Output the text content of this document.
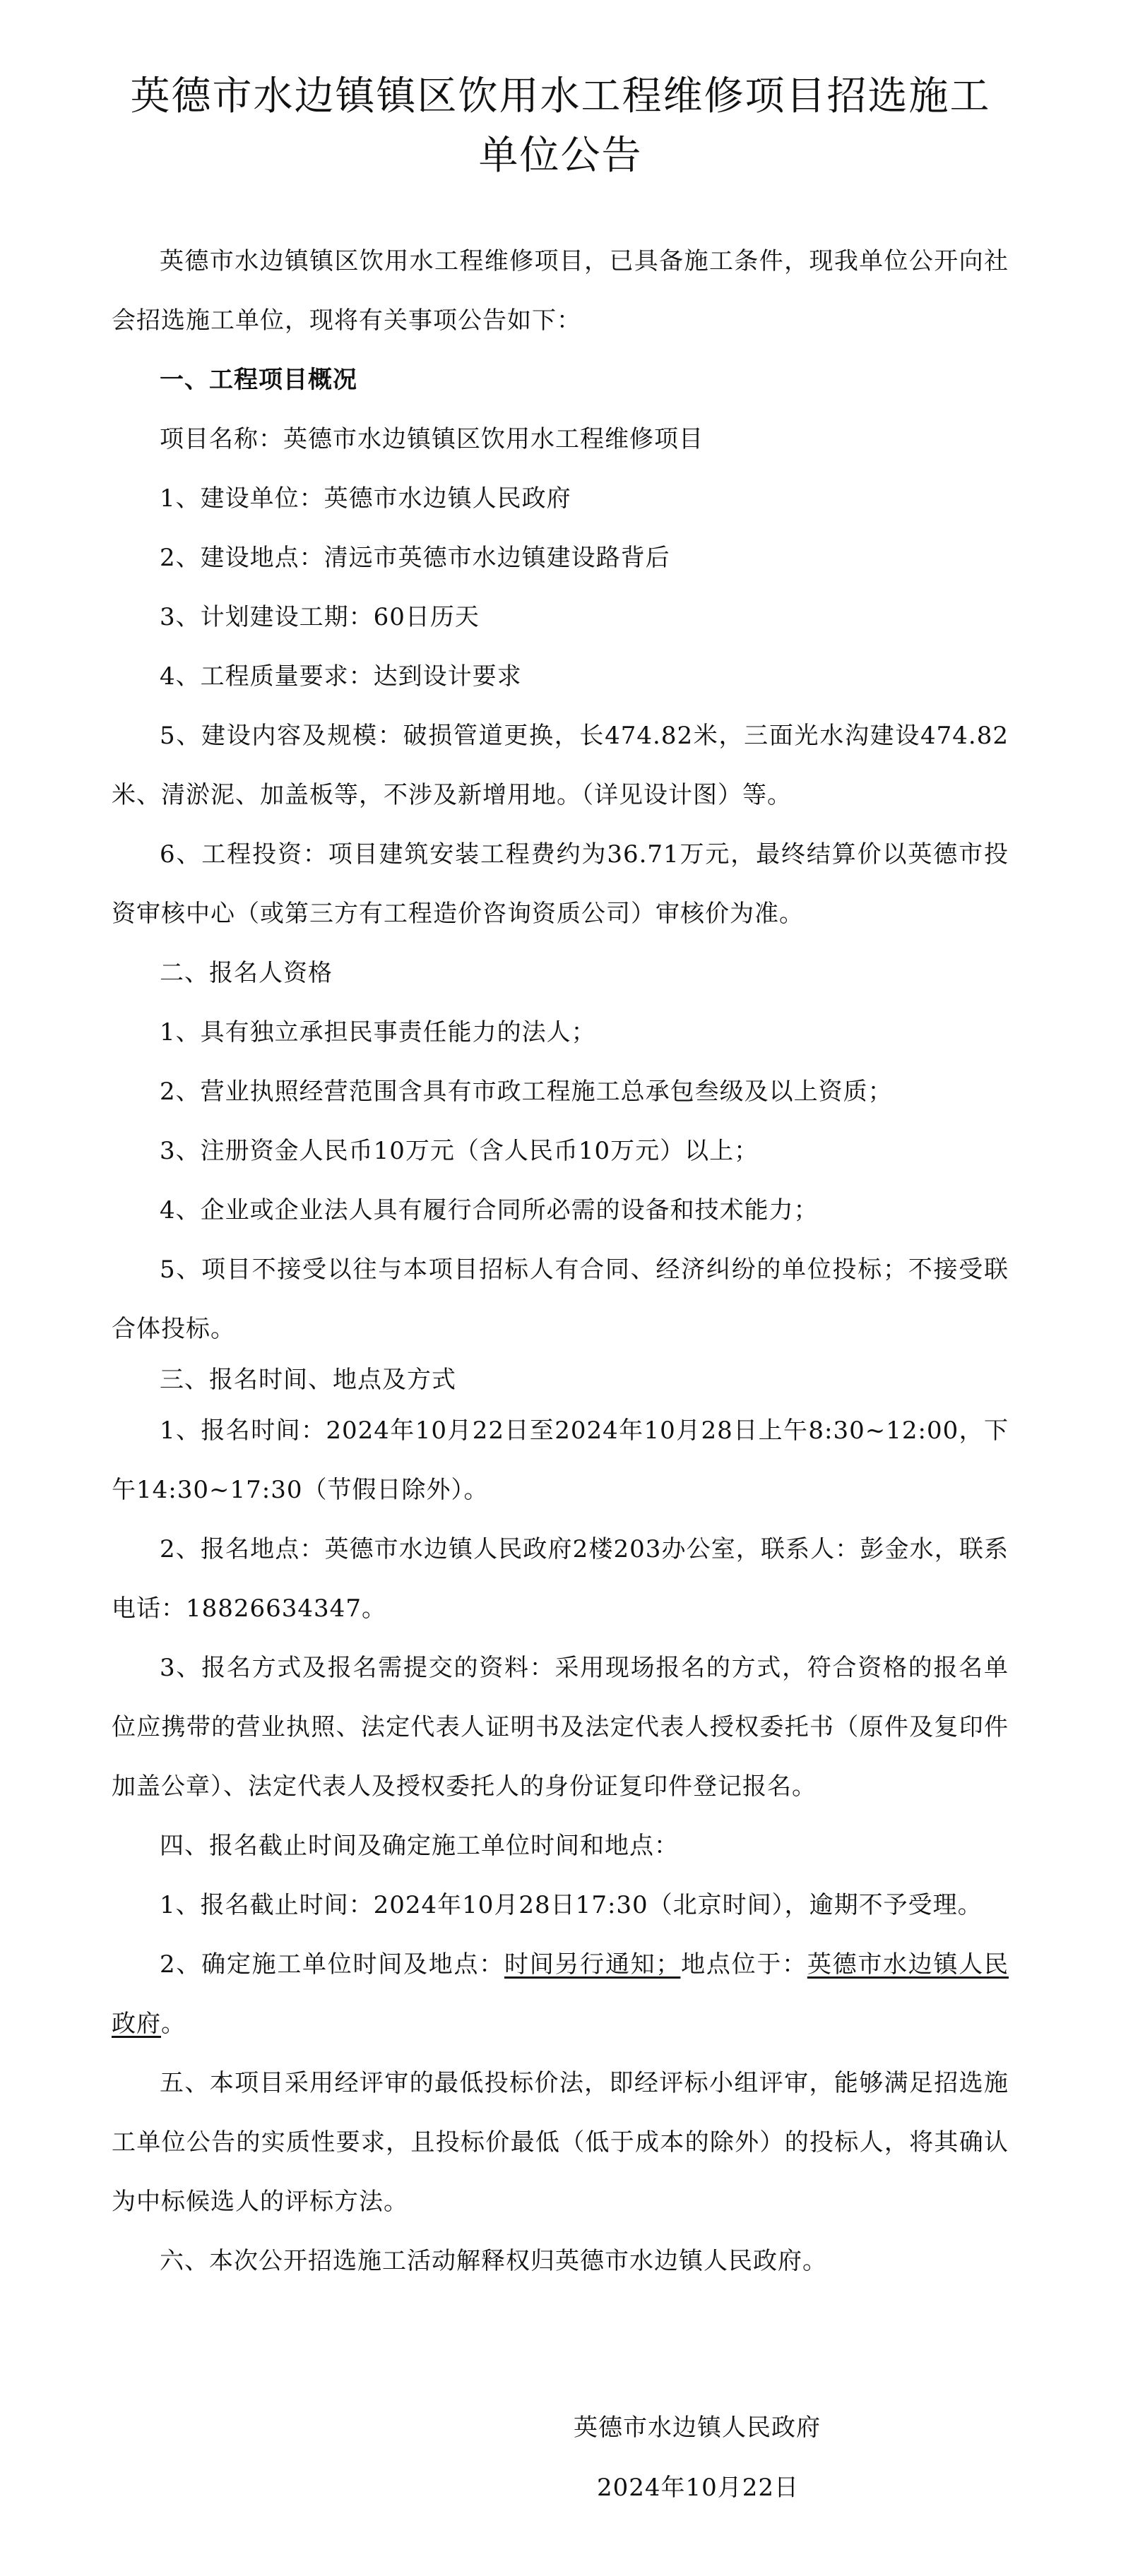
英德市水边镇镇区饮用水工程维修项目招选施工
单位公告

英德市水边镇镇区饮用水工程维修项目，已具备施工条件，现我单位公开向社会招选施工单位，现将有关事项公告如下：

一、工程项目概况

项目名称：英德市水边镇镇区饮用水工程维修项目

1、建设单位：英德市水边镇人民政府

2、建设地点：清远市英德市水边镇建设路背后

3、计划建设工期：60日历天

4、工程质量要求：达到设计要求

5、建设内容及规模：破损管道更换，长474.82米，三面光水沟建设474.82米、清淤泥、加盖板等，不涉及新增用地。（详见设计图）等。

6、工程投资：项目建筑安装工程费约为36.71万元，最终结算价以英德市投资审核中心（或第三方有工程造价咨询资质公司）审核价为准。

二、报名人资格

1、具有独立承担民事责任能力的法人；

2、营业执照经营范围含具有市政工程施工总承包叁级及以上资质；

3、注册资金人民币10万元（含人民币10万元）以上；

4、企业或企业法人具有履行合同所必需的设备和技术能力；

5、项目不接受以往与本项目招标人有合同、经济纠纷的单位投标；不接受联合体投标。

三、报名时间、地点及方式

1、报名时间：2024年10月22日至2024年10月28日上午8:30~12:00，下午14:30~17:30（节假日除外）。

2、报名地点：英德市水边镇人民政府2楼203办公室，联系人：彭金水，联系电话：18826634347。

3、报名方式及报名需提交的资料：采用现场报名的方式，符合资格的报名单位应携带的营业执照、法定代表人证明书及法定代表人授权委托书（原件及复印件加盖公章）、法定代表人及授权委托人的身份证复印件登记报名。

四、报名截止时间及确定施工单位时间和地点：

1、报名截止时间：2024年10月28日17:30（北京时间），逾期不予受理。

2、确定施工单位时间及地点：时间另行通知；地点位于：英德市水边镇人民政府。

五、本项目采用经评审的最低投标价法，即经评标小组评审，能够满足招选施工单位公告的实质性要求，且投标价最低（低于成本的除外）的投标人，将其确认为中标候选人的评标方法。

六、本次公开招选施工活动解释权归英德市水边镇人民政府。

英德市水边镇人民政府
2024年10月22日
